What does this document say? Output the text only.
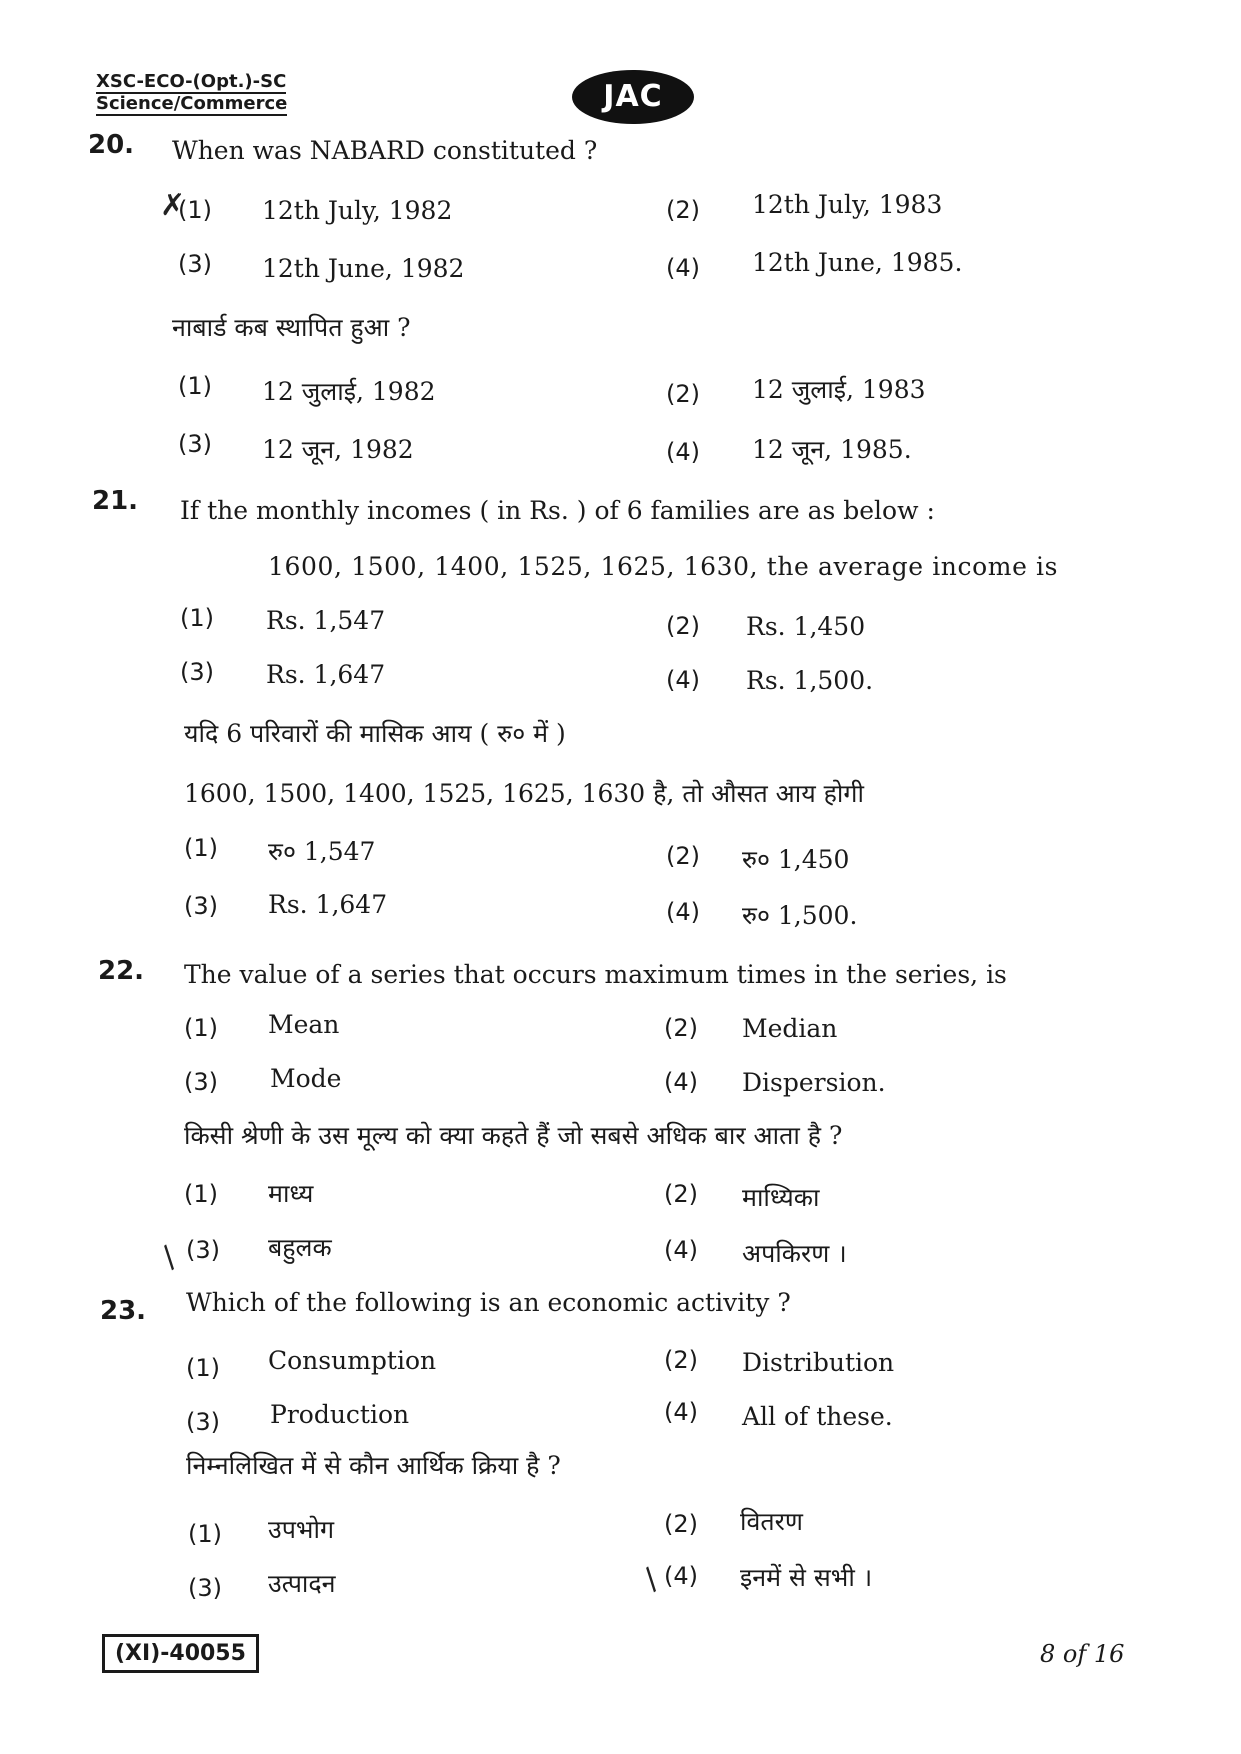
XSC-ECO-(Opt.)-SC
Science/Commerce	JAC
20. When was NABARD constituted ?
(1) 12th July, 1982	(2) 12th July, 1983
(3) 12th June, 1982	(4) 12th June, 1985.
✗
नाबार्ड कब स्थापित हुआ ?
(1) 12 जुलाई, 1982	(2) 12 जुलाई, 1983
(3) 12 जून, 1982	(4) 12 जून, 1985.
21. If the monthly incomes ( in Rs. ) of 6 families are as below :
1600, 1500, 1400, 1525, 1625, 1630, the average income is
(1) Rs. 1,547	(2) Rs. 1,450
(3) Rs. 1,647	(4) Rs. 1,500.
यदि 6 परिवारों की मासिक आय ( रु० में )
1600, 1500, 1400, 1525, 1625, 1630 है, तो औसत आय होगी
(1) रु० 1,547	(2) रु० 1,450
(3) Rs. 1,647	(4) रु० 1,500.
22. The value of a series that occurs maximum times in the series, is
(1) Mean	(2) Median
(3) Mode	(4) Dispersion.
किसी श्रेणी के उस मूल्य को क्या कहते हैं जो सबसे अधिक बार आता है ?
(1) माध्य	(2) माध्यिका
(3) बहुलक	(4) अपकिरण ।
/
23. Which of the following is an economic activity ?
(1) Consumption	(2) Distribution
(3) Production	(4) All of these.
निम्नलिखित में से कौन आर्थिक क्रिया है ?
(1) उपभोग	(2) वितरण
(3) उत्पादन	(4) इनमें से सभी ।
/
(XI)-40055	8 of 16
